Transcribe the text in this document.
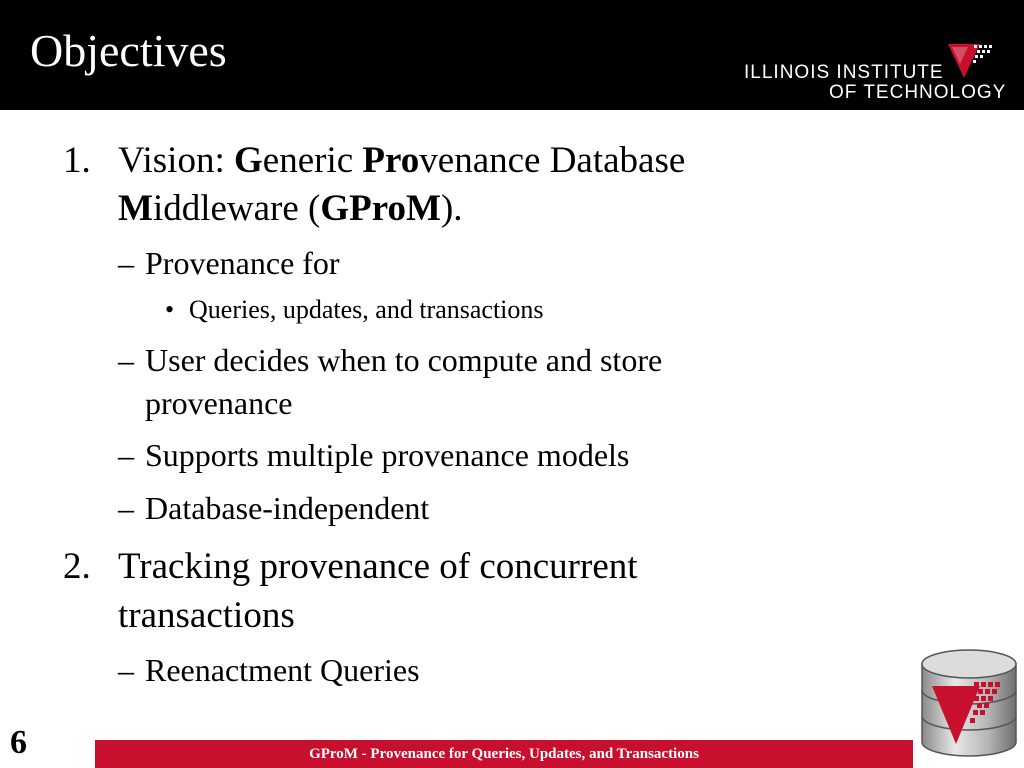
Objectives	ILLINOIS INSTITUTE
OF TECHNOLOGY
1. Vision: Generic Provenance Database
Middleware (GProM).
– Provenance for
• Queries, updates, and transactions
– User decides when to compute and store
provenance
– Supports multiple provenance models
– Database-independent
2. Tracking provenance of concurrent
transactions
– Reenactment Queries
6	GProM - Provenance for Queries, Updates, and Transactions
